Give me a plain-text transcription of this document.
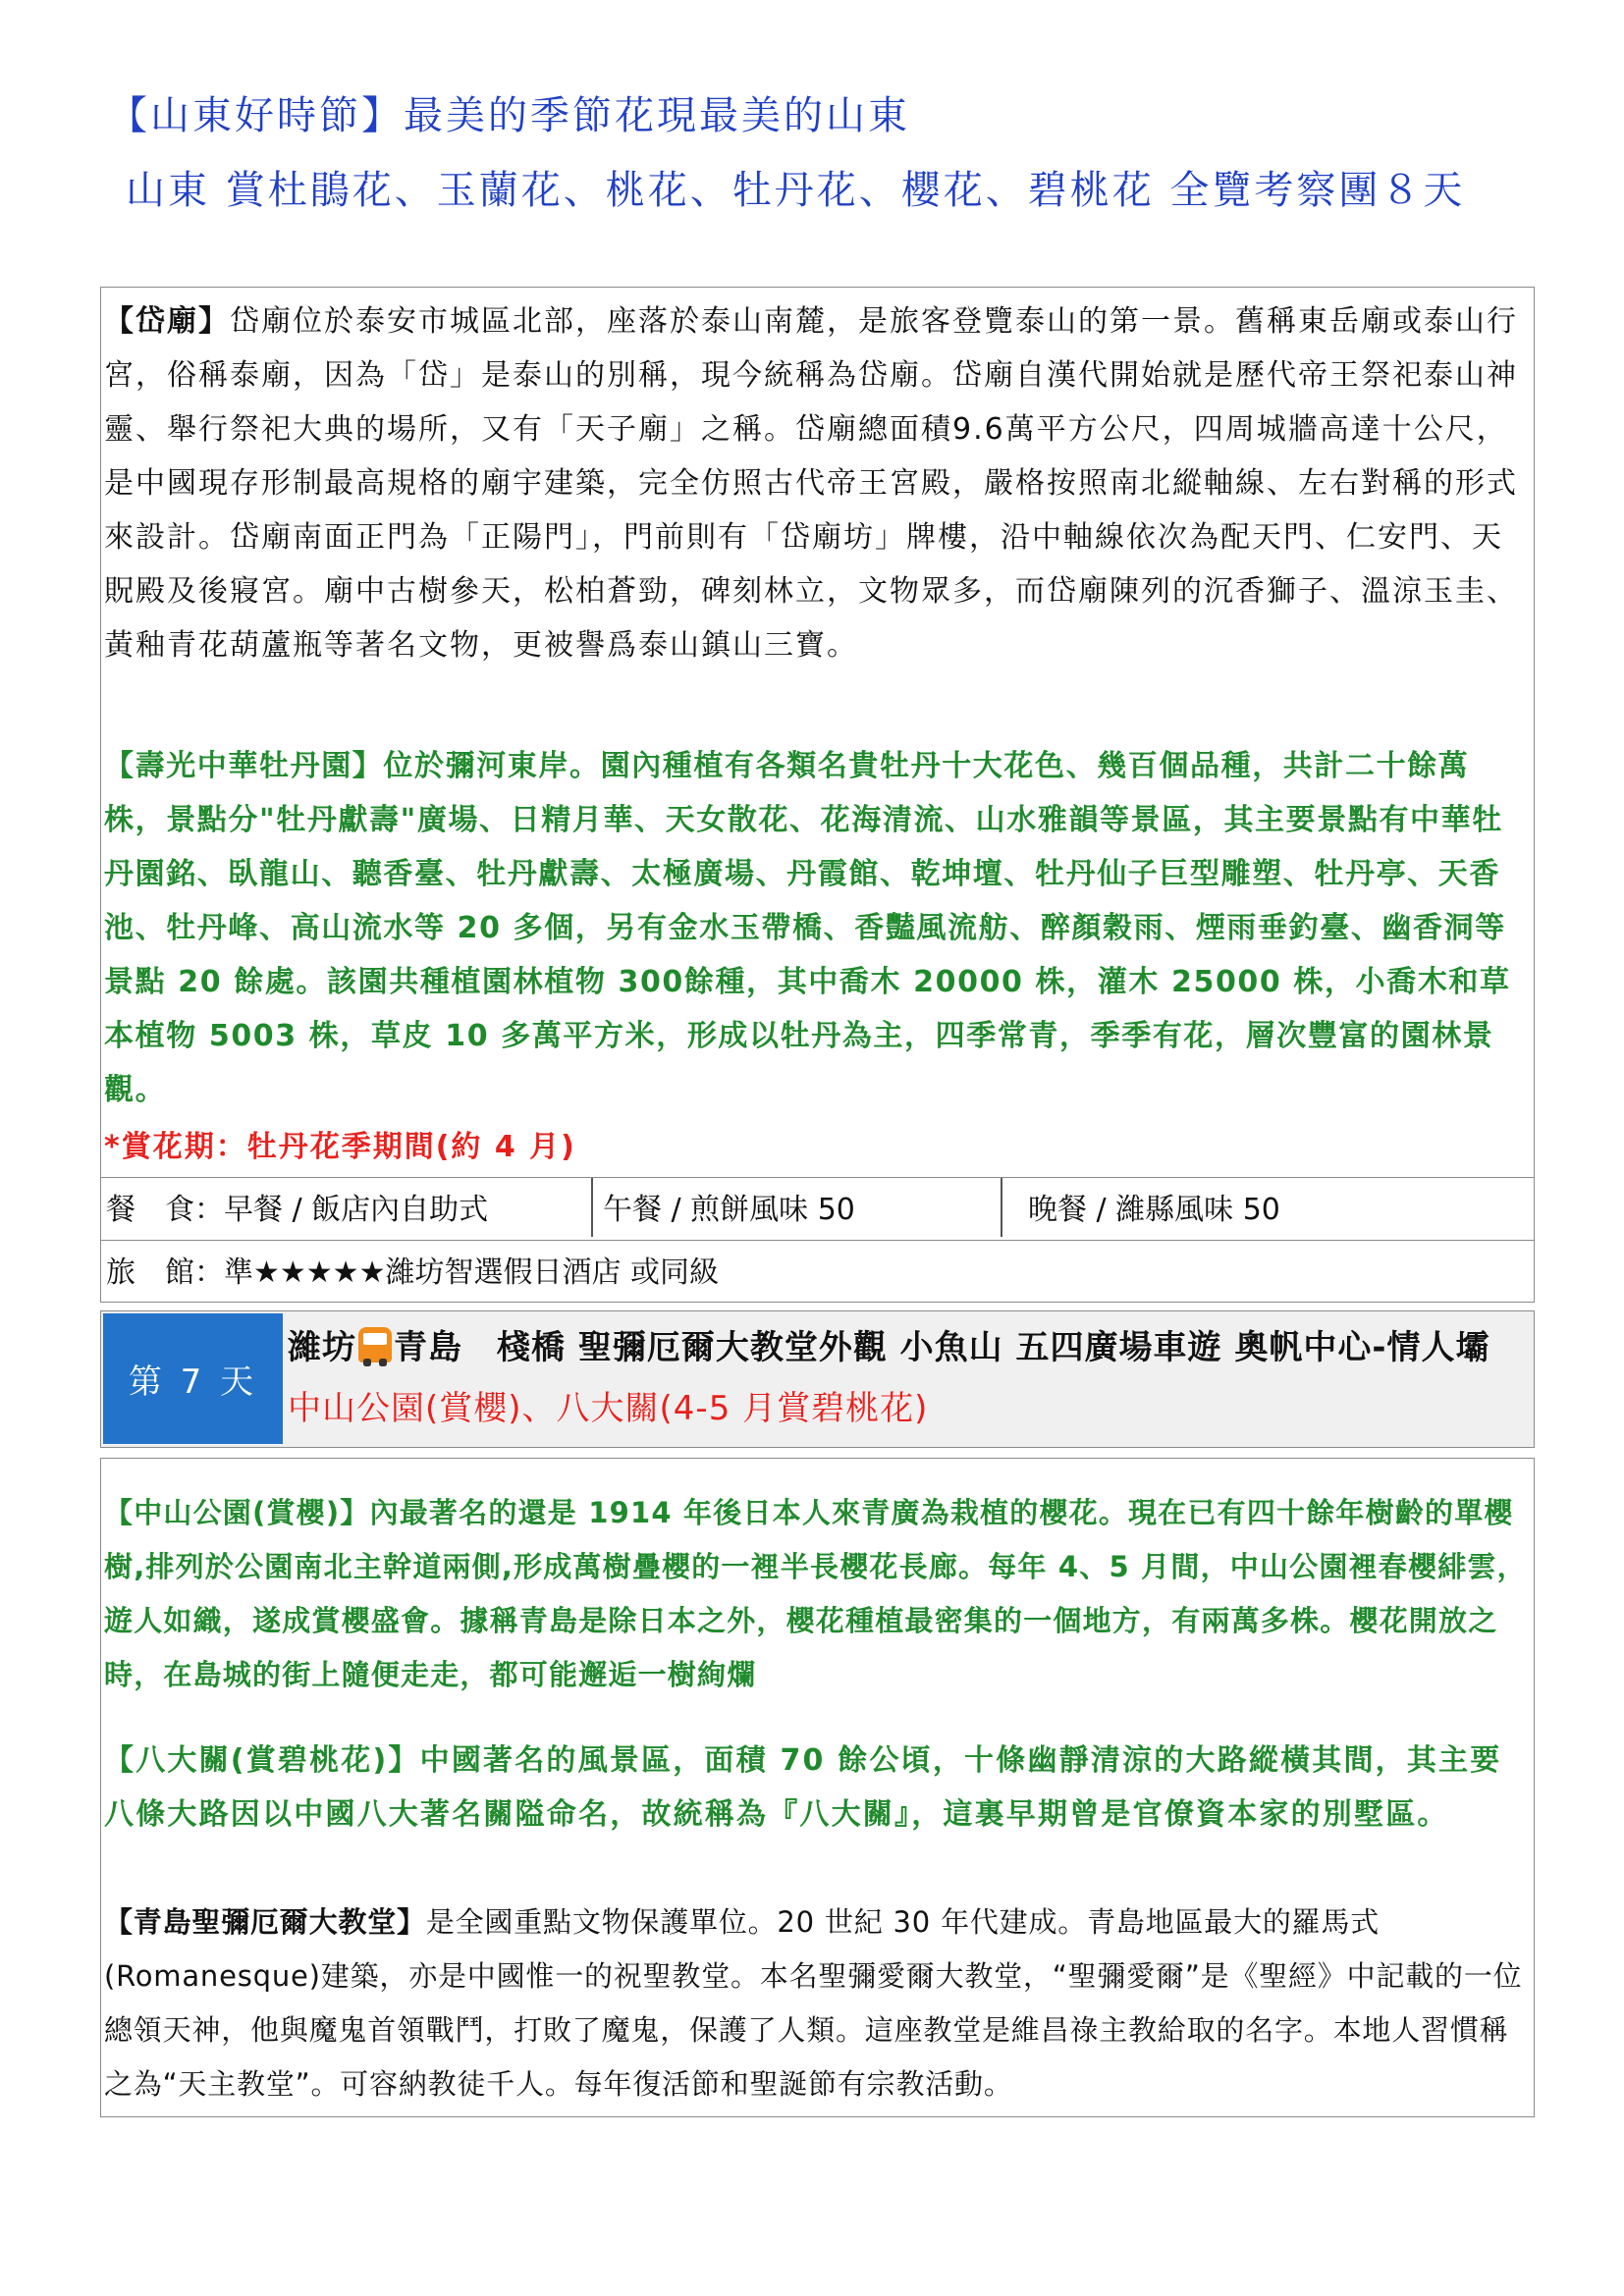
【山東好時節】最美的季節花現最美的山東
山東 賞杜鵑花、玉蘭花、桃花、牡丹花、櫻花、碧桃花 全覽考察團８天

【岱廟】岱廟位於泰安市城區北部，座落於泰山南麓，是旅客登覽泰山的第一景。舊稱東岳廟或泰山行宮，俗稱泰廟，因為「岱」是泰山的別稱，現今統稱為岱廟。岱廟自漢代開始就是歷代帝王祭祀泰山神靈、舉行祭祀大典的場所，又有「天子廟」之稱。岱廟總面積9.6萬平方公尺，四周城牆高達十公尺，是中國現存形制最高規格的廟宇建築，完全仿照古代帝王宮殿，嚴格按照南北縱軸線、左右對稱的形式來設計。岱廟南面正門為「正陽門」，門前則有「岱廟坊」牌樓，沿中軸線依次為配天門、仁安門、天貺殿及後寢宮。廟中古樹參天，松柏蒼勁，碑刻林立，文物眾多，而岱廟陳列的沉香獅子、溫涼玉圭、黃釉青花葫蘆瓶等著名文物，更被譽爲泰山鎮山三寶。

【壽光中華牡丹園】位於彌河東岸。園內種植有各類名貴牡丹十大花色、幾百個品種，共計二十餘萬株，景點分"牡丹獻壽"廣場、日精月華、天女散花、花海清流、山水雅韻等景區，其主要景點有中華牡丹園銘、臥龍山、聽香臺、牡丹獻壽、太極廣場、丹霞館、乾坤壇、牡丹仙子巨型雕塑、牡丹亭、天香池、牡丹峰、高山流水等 20 多個，另有金水玉帶橋、香豔風流舫、醉顏穀雨、煙雨垂釣臺、幽香洞等景點 20 餘處。該園共種植園林植物 300餘種，其中喬木 20000 株，灌木 25000 株，小喬木和草本植物 5003 株，草皮 10 多萬平方米，形成以牡丹為主，四季常青，季季有花，層次豐富的園林景觀。

*賞花期：牡丹花季期間(約 4 月)

餐　食：早餐 / 飯店內自助式	午餐 / 煎餅風味 50	晚餐 / 濰縣風味 50
旅　館：準★★★★★濰坊智選假日酒店 或同級
第 7 天
濰坊 青島　棧橋 聖彌厄爾大教堂外觀 小魚山 五四廣場車遊 奧帆中心-情人壩 中山公園(賞櫻)、八大關(4-5 月賞碧桃花)

【中山公園(賞櫻)】內最著名的還是 1914 年後日本人來青廣為栽植的櫻花。現在已有四十餘年樹齡的單櫻樹,排列於公園南北主幹道兩側,形成萬樹疊櫻的一裡半長櫻花長廊。每年 4、5 月間，中山公園裡春櫻緋雲，遊人如織，遂成賞櫻盛會。據稱青島是除日本之外，櫻花種植最密集的一個地方，有兩萬多株。櫻花開放之時，在島城的街上隨便走走，都可能邂逅一樹絢爛

【八大關(賞碧桃花)】中國著名的風景區，面積 70 餘公頃，十條幽靜清涼的大路縱橫其間，其主要八條大路因以中國八大著名關隘命名，故統稱為『八大關』，這裏早期曾是官僚資本家的別墅區。

【青島聖彌厄爾大教堂】是全國重點文物保護單位。20 世紀 30 年代建成。青島地區最大的羅馬式(Romanesque)建築，亦是中國惟一的祝聖教堂。本名聖彌愛爾大教堂，“聖彌愛爾”是《聖經》中記載的一位總領天神，他與魔鬼首領戰鬥，打敗了魔鬼，保護了人類。這座教堂是維昌祿主教給取的名字。本地人習慣稱之為“天主教堂”。可容納教徒千人。每年復活節和聖誕節有宗教活動。
